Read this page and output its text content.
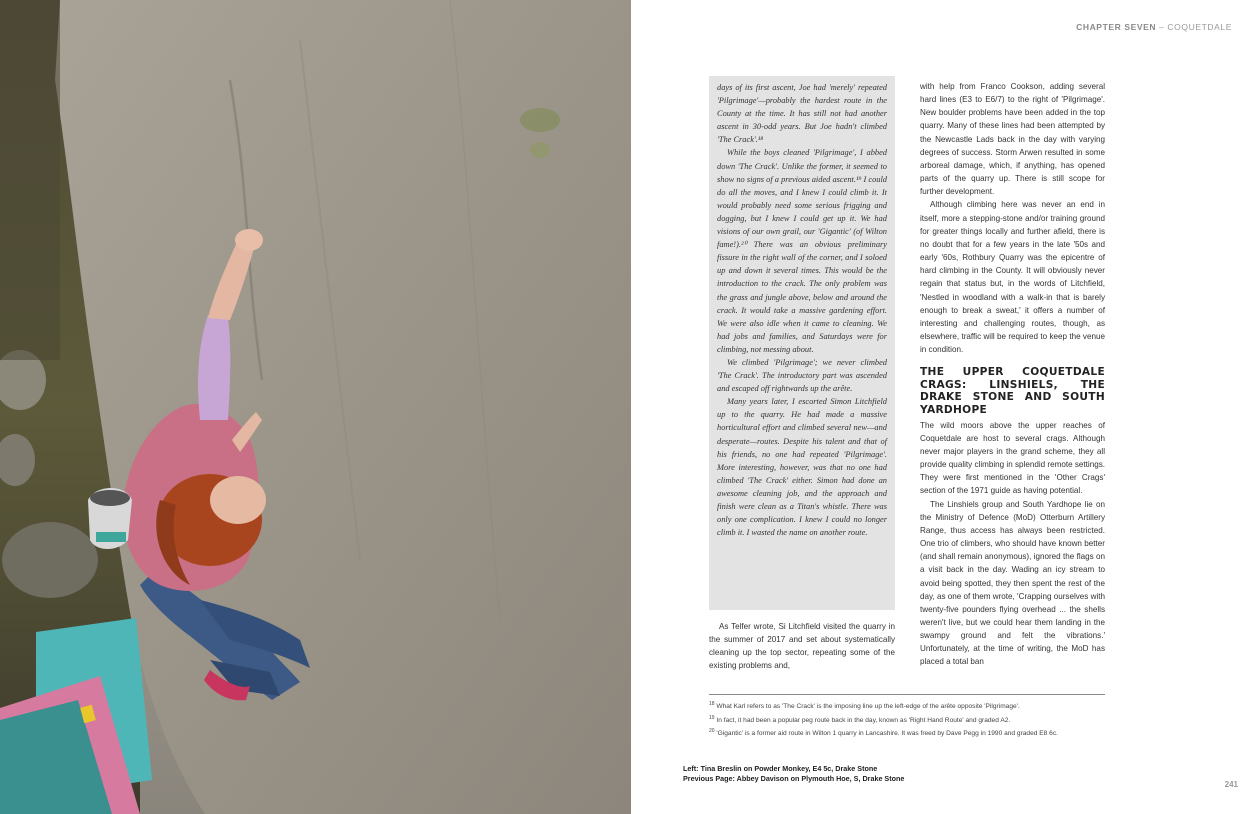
CHAPTER SEVEN – COQUETDALE

days of its first ascent, Joe had 'merely' repeated 'Pilgrimage'—probably the hardest route in the County at the time. It has still not had another ascent in 30-odd years. But Joe hadn't climbed 'The Crack'.¹⁸

While the boys cleaned 'Pilgrimage', I abbed down 'The Crack'. Unlike the former, it seemed to show no signs of a previous aided ascent.¹⁹ I could do all the moves, and I knew I could climb it. It would probably need some serious frigging and dogging, but I knew I could get up it. We had visions of our own grail, our 'Gigantic' (of Wilton fame!).²⁰ There was an obvious preliminary fissure in the right wall of the corner, and I soloed up and down it several times. This would be the introduction to the crack. The only problem was the grass and jungle above, below and around the crack. It would take a massive gardening effort. We were also idle when it came to cleaning. We had jobs and families, and Saturdays were for climbing, not messing about.

We climbed 'Pilgrimage'; we never climbed 'The Crack'. The introductory part was ascended and escaped off rightwards up the arête.

Many years later, I escorted Simon Litchfield up to the quarry. He had made a massive horticultural effort and climbed several new—and desperate—routes. Despite his talent and that of his friends, no one had repeated 'Pilgrimage'. More interesting, however, was that no one had climbed 'The Crack' either. Simon had done an awesome cleaning job, and the approach and finish were clean as a Titan's whistle. There was only one complication. I knew I could no longer climb it. I wasted the name on another route.

As Telfer wrote, Si Litchfield visited the quarry in the summer of 2017 and set about systematically cleaning up the top sector, repeating some of the existing problems and,

with help from Franco Cookson, adding several hard lines (E3 to E6/7) to the right of 'Pilgrimage'. New boulder problems have been added in the top quarry. Many of these lines had been attempted by the Newcastle Lads back in the day with varying degrees of success. Storm Arwen resulted in some arboreal damage, which, if anything, has opened parts of the quarry up. There is still scope for further development.

Although climbing here was never an end in itself, more a stepping-stone and/or training ground for greater things locally and further afield, there is no doubt that for a few years in the late '50s and early '60s, Rothbury Quarry was the epicentre of hard climbing in the County. It will obviously never regain that status but, in the words of Litchfield, 'Nestled in woodland with a walk-in that is barely enough to break a sweat,' it offers a number of interesting and challenging routes, though, as elsewhere, traffic will be required to keep the venue in condition.

THE UPPER COQUETDALE CRAGS: LINSHIELS, THE DRAKE STONE AND SOUTH YARDHOPE

The wild moors above the upper reaches of Coquetdale are host to several crags. Although never major players in the grand scheme, they all provide quality climbing in splendid remote settings. They were first mentioned in the 'Other Crags' section of the 1971 guide as having potential.

The Linshiels group and South Yardhope lie on the Ministry of Defence (MoD) Otterburn Artillery Range, thus access has always been restricted. One trio of climbers, who should have known better (and shall remain anonymous), ignored the flags on a visit back in the day. Wading an icy stream to avoid being spotted, they then spent the rest of the day, as one of them wrote, 'Crapping ourselves with twenty-five pounders flying overhead ... the shells weren't live, but we could hear them landing in the swampy ground and felt the vibrations.' Unfortunately, at the time of writing, the MoD has placed a total ban

$^{18}$ What Karl refers to as 'The Crack' is the imposing line up the left-edge of the arête opposite 'Pilgrimage'.
$^{19}$ In fact, it had been a popular peg route back in the day, known as 'Right Hand Route' and graded A2.
$^{20}$ 'Gigantic' is a former aid route in Wilton 1 quarry in Lancashire. It was freed by Dave Pegg in 1990 and graded E8 6c.
Left: Tina Breslin on Powder Monkey, E4 5c, Drake Stone
Previous Page: Abbey Davison on Plymouth Hoe, S, Drake Stone
241
